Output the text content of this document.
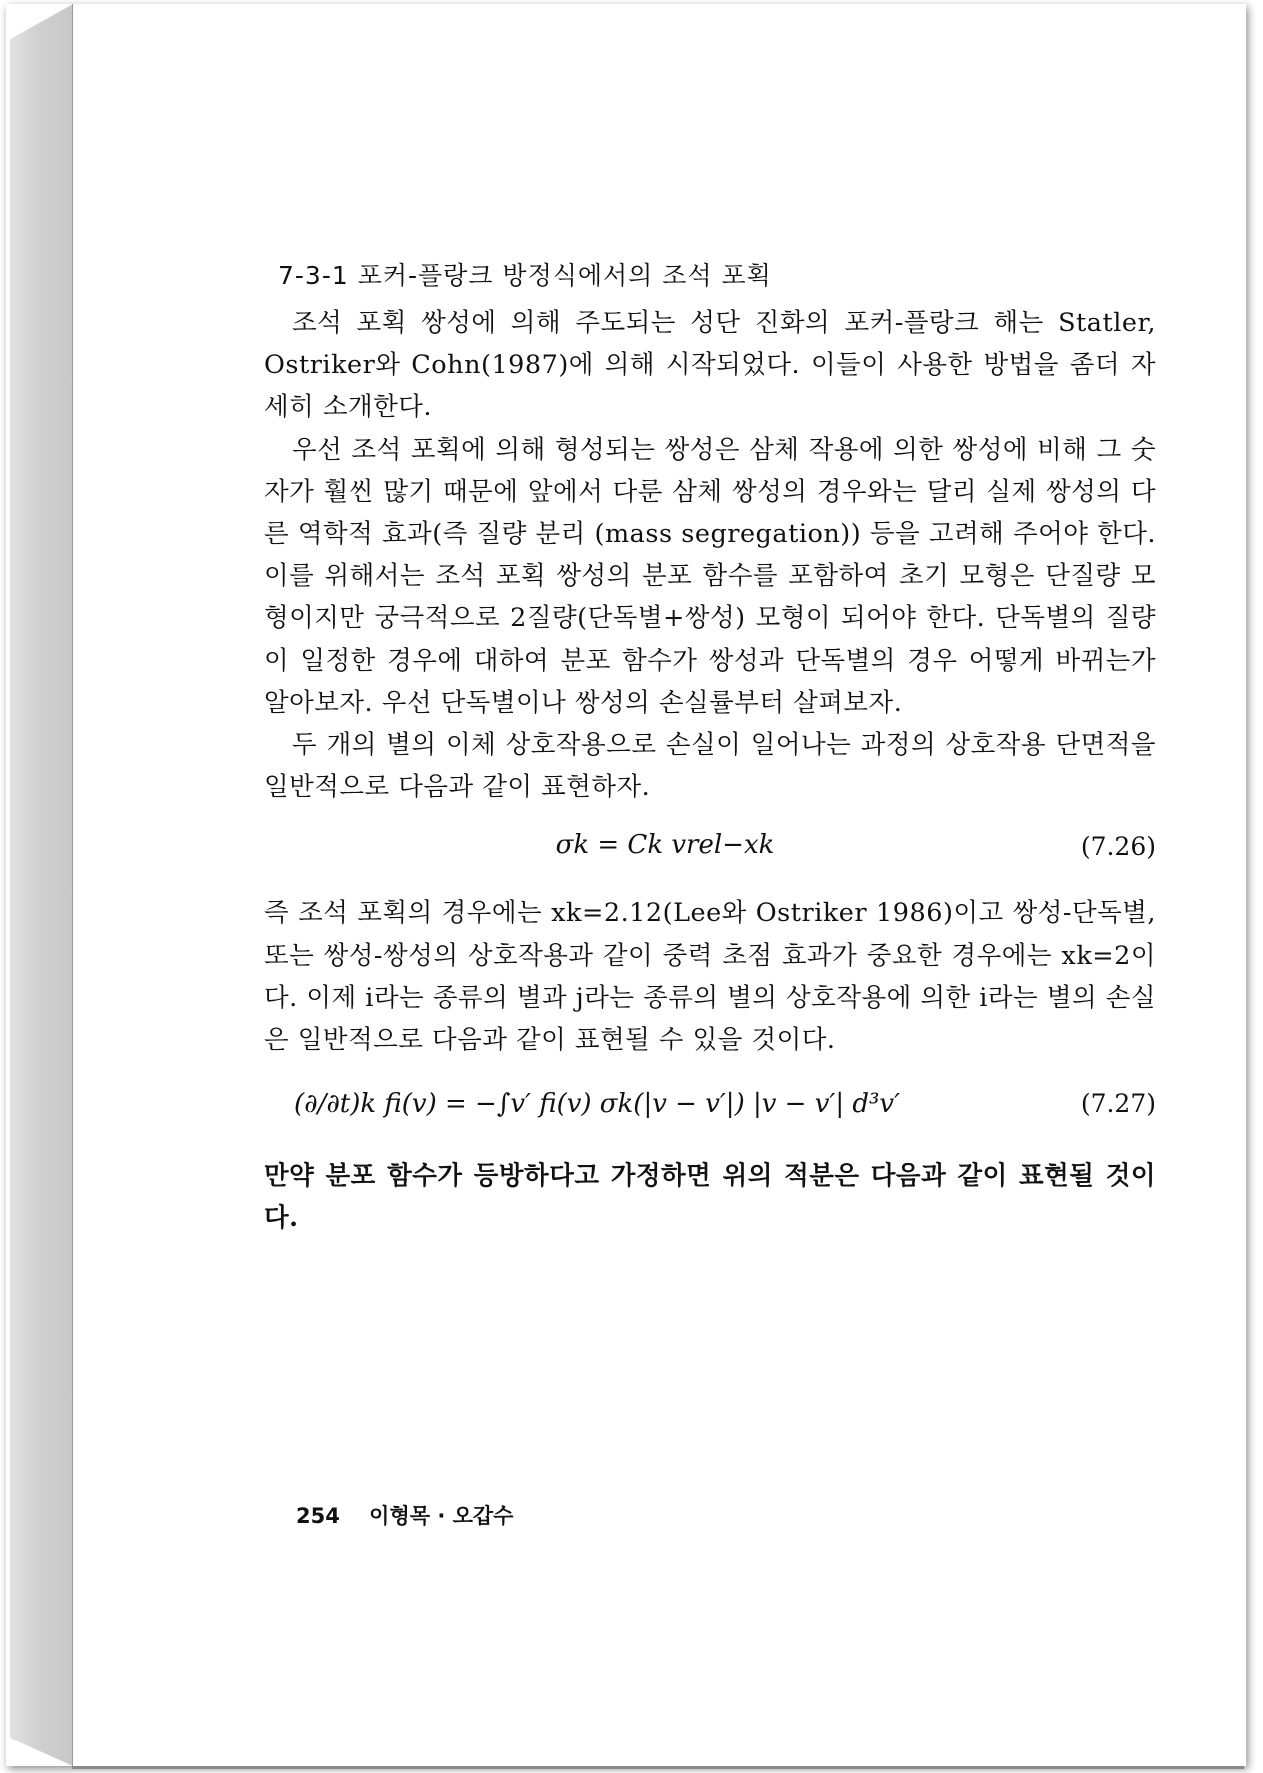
7-3-1 포커-플랑크 방정식에서의 조석 포획

조석 포획 쌍성에 의해 주도되는 성단 진화의 포커-플랑크 해는 Statler, Ostriker와 Cohn(1987)에 의해 시작되었다. 이들이 사용한 방법을 좀더 자세히 소개한다.

우선 조석 포획에 의해 형성되는 쌍성은 삼체 작용에 의한 쌍성에 비해 그 숫자가 훨씬 많기 때문에 앞에서 다룬 삼체 쌍성의 경우와는 달리 실제 쌍성의 다른 역학적 효과(즉 질량 분리 (mass segregation)) 등을 고려해 주어야 한다. 이를 위해서는 조석 포획 쌍성의 분포 함수를 포함하여 초기 모형은 단질량 모형이지만 궁극적으로 2질량(단독별+쌍성) 모형이 되어야 한다. 단독별의 질량이 일정한 경우에 대하여 분포 함수가 쌍성과 단독별의 경우 어떻게 바뀌는가 알아보자. 우선 단독별이나 쌍성의 손실률부터 살펴보자.

두 개의 별의 이체 상호작용으로 손실이 일어나는 과정의 상호작용 단면적을 일반적으로 다음과 같이 표현하자.

σk = Ck vrel−xk	(7.26)

즉 조석 포획의 경우에는 xk=2.12(Lee와 Ostriker 1986)이고 쌍성-단독별, 또는 쌍성-쌍성의 상호작용과 같이 중력 초점 효과가 중요한 경우에는 xk=2이다. 이제 i라는 종류의 별과 j라는 종류의 별의 상호작용에 의한 i라는 별의 손실은 일반적으로 다음과 같이 표현될 수 있을 것이다.

(∂/∂t)k fi(v) = −∫v′ fi(v) σk(|v − v′|) |v − v′| d³v′	(7.27)

만약 분포 함수가 등방하다고 가정하면 위의 적분은 다음과 같이 표현될 것이다.

254 이형목 · 오갑수
